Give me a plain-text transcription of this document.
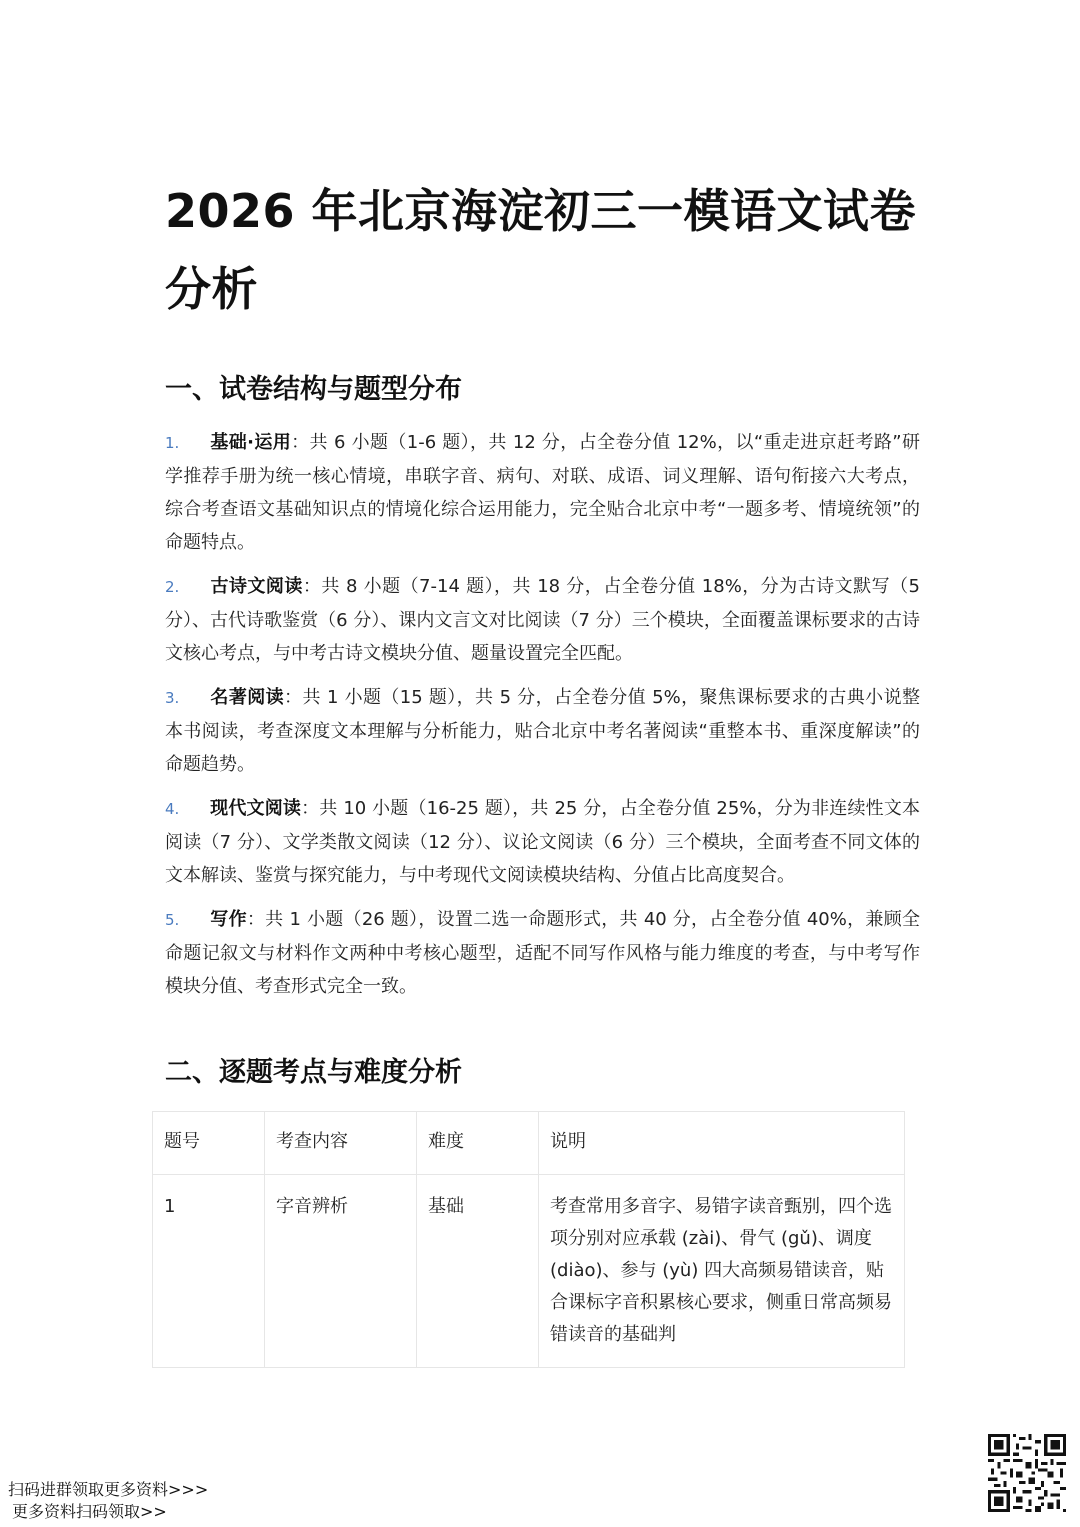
2026 年北京海淀初三一模语文试卷分析
一、试卷结构与题型分布
1. 基础·运用：共 6 小题（1-6 题），共 12 分，占全卷分值 12%，以“重走进京赶考路”研学推荐手册为统一核心情境，串联字音、病句、对联、成语、词义理解、语句衔接六大考点，综合考查语文基础知识点的情境化综合运用能力，完全贴合北京中考“一题多考、情境统领”的命题特点。
2. 古诗文阅读：共 8 小题（7-14 题），共 18 分，占全卷分值 18%，分为古诗文默写（5 分）、古代诗歌鉴赏（6 分）、课内文言文对比阅读（7 分）三个模块，全面覆盖课标要求的古诗文核心考点，与中考古诗文模块分值、题量设置完全匹配。
3. 名著阅读：共 1 小题（15 题），共 5 分，占全卷分值 5%，聚焦课标要求的古典小说整本书阅读，考查深度文本理解与分析能力，贴合北京中考名著阅读“重整本书、重深度解读”的命题趋势。
4. 现代文阅读：共 10 小题（16-25 题），共 25 分，占全卷分值 25%，分为非连续性文本阅读（7 分）、文学类散文阅读（12 分）、议论文阅读（6 分）三个模块，全面考查不同文体的文本解读、鉴赏与探究能力，与中考现代文阅读模块结构、分值占比高度契合。
5. 写作：共 1 小题（26 题），设置二选一命题形式，共 40 分，占全卷分值 40%，兼顾全命题记叙文与材料作文两种中考核心题型，适配不同写作风格与能力维度的考查，与中考写作模块分值、考查形式完全一致。
二、逐题考点与难度分析
题号	考查内容	难度	说明
1	字音辨析	基础	考查常用多音字、易错字读音甄别，四个选项分别对应承载 (zài)、骨气 (gǔ)、调度 (diào)、参与 (yù) 四大高频易错读音，贴合课标字音积累核心要求，侧重日常高频易错读音的基础判
扫码进群领取更多资料>>>
更多资料扫码领取>>
